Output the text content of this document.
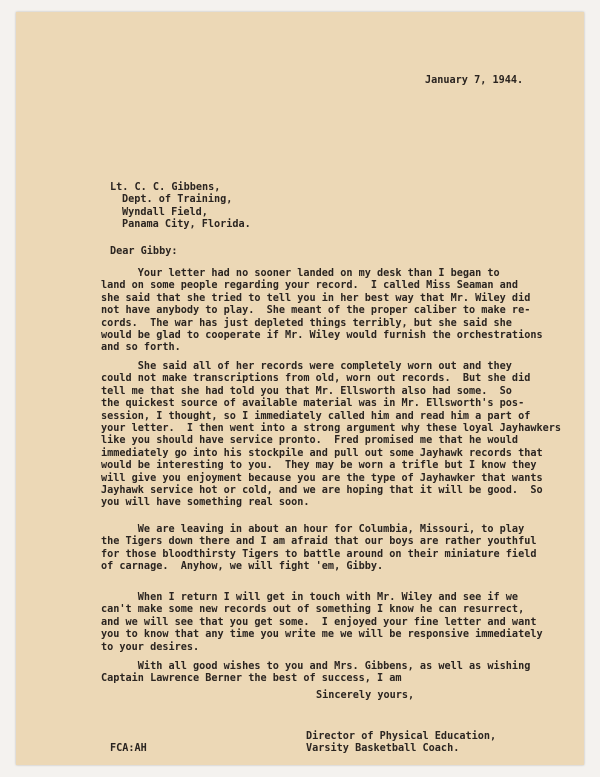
January 7, 1944.

Lt. C. C. Gibbens,

Dept. of Training,

Wyndall Field,

Panama City, Florida.

Dear Gibby:

Your letter had no sooner landed on my desk than I began to
land on some people regarding your record.  I called Miss Seaman and
she said that she tried to tell you in her best way that Mr. Wiley did
not have anybody to play.  She meant of the proper caliber to make re-
cords.  The war has just depleted things terribly, but she said she
would be glad to cooperate if Mr. Wiley would furnish the orchestrations
and so forth.
She said all of her records were completely worn out and they
could not make transcriptions from old, worn out records.  But she did
tell me that she had told you that Mr. Ellsworth also had some.  So
the quickest source of available material was in Mr. Ellsworth's pos-
session, I thought, so I immediately called him and read him a part of
your letter.  I then went into a strong argument why these loyal Jayhawkers
like you should have service pronto.  Fred promised me that he would
immediately go into his stockpile and pull out some Jayhawk records that
would be interesting to you.  They may be worn a trifle but I know they
will give you enjoyment because you are the type of Jayhawker that wants
Jayhawk service hot or cold, and we are hoping that it will be good.  So
you will have something real soon.
We are leaving in about an hour for Columbia, Missouri, to play
the Tigers down there and I am afraid that our boys are rather youthful
for those bloodthirsty Tigers to battle around on their miniature field
of carnage.  Anyhow, we will fight 'em, Gibby.
When I return I will get in touch with Mr. Wiley and see if we
can't make some new records out of something I know he can resurrect,
and we will see that you get some.  I enjoyed your fine letter and want
you to know that any time you write me we will be responsive immediately
to your desires.
With all good wishes to you and Mrs. Gibbens, as well as wishing
Captain Lawrence Berner the best of success, I am

Sincerely yours,

Director of Physical Education,

Varsity Basketball Coach.

FCA:AH
